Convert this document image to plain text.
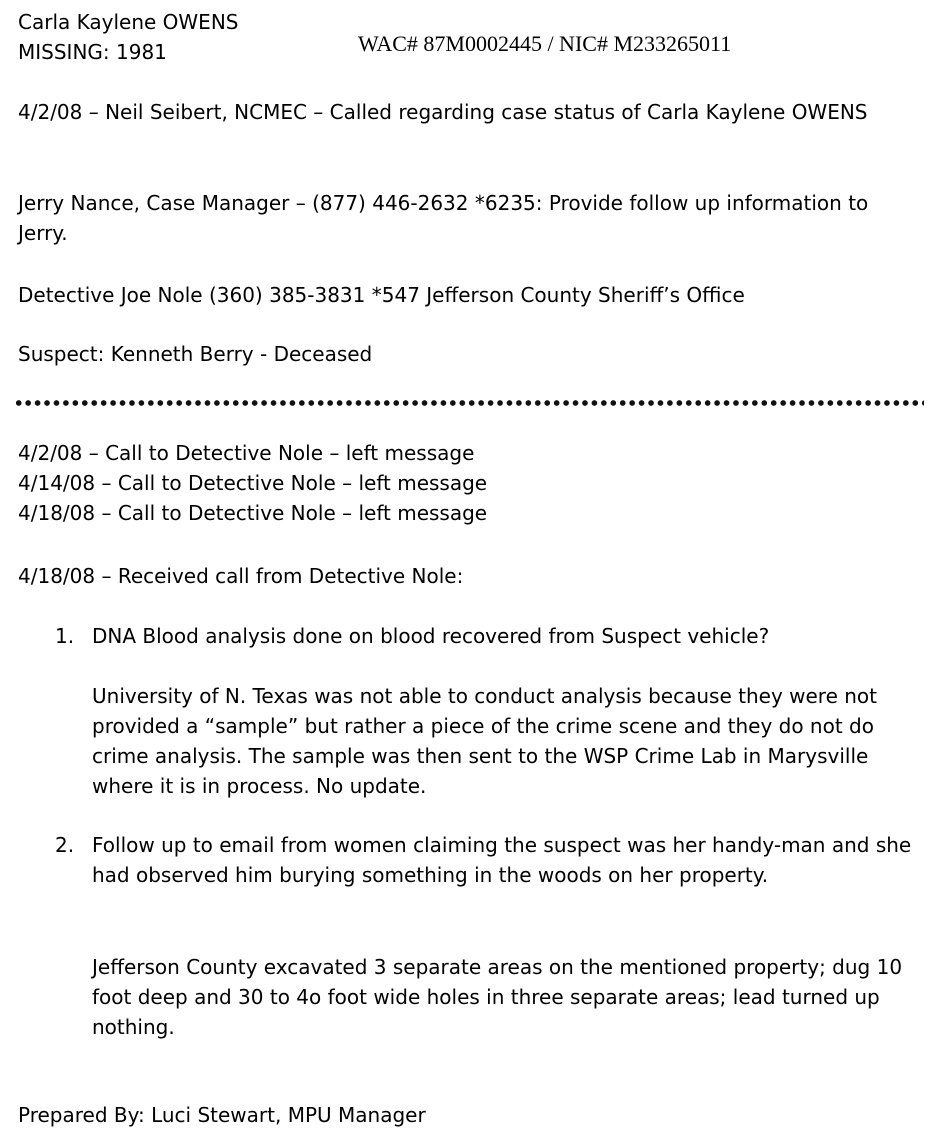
Carla Kaylene OWENS
MISSING: 1981	WAC# 87M0002445 / NIC# M233265011

4/2/08 – Neil Seibert, NCMEC – Called regarding case status of Carla Kaylene OWENS

Jerry Nance, Case Manager – (877) 446-2632 *6235: Provide follow up information to Jerry.

Detective Joe Nole (360) 385-3831 *547 Jefferson County Sheriff’s Office

Suspect: Kenneth Berry - Deceased

4/2/08 – Call to Detective Nole – left message
4/14/08 – Call to Detective Nole – left message
4/18/08 – Call to Detective Nole – left message

4/18/08 – Received call from Detective Nole:

1. DNA Blood analysis done on blood recovered from Suspect vehicle?

University of N. Texas was not able to conduct analysis because they were not provided a “sample” but rather a piece of the crime scene and they do not do crime analysis. The sample was then sent to the WSP Crime Lab in Marysville where it is in process. No update.

2. Follow up to email from women claiming the suspect was her handy-man and she had observed him burying something in the woods on her property.

Jefferson County excavated 3 separate areas on the mentioned property; dug 10 foot deep and 30 to 4o foot wide holes in three separate areas; lead turned up nothing.

Prepared By: Luci Stewart, MPU Manager
